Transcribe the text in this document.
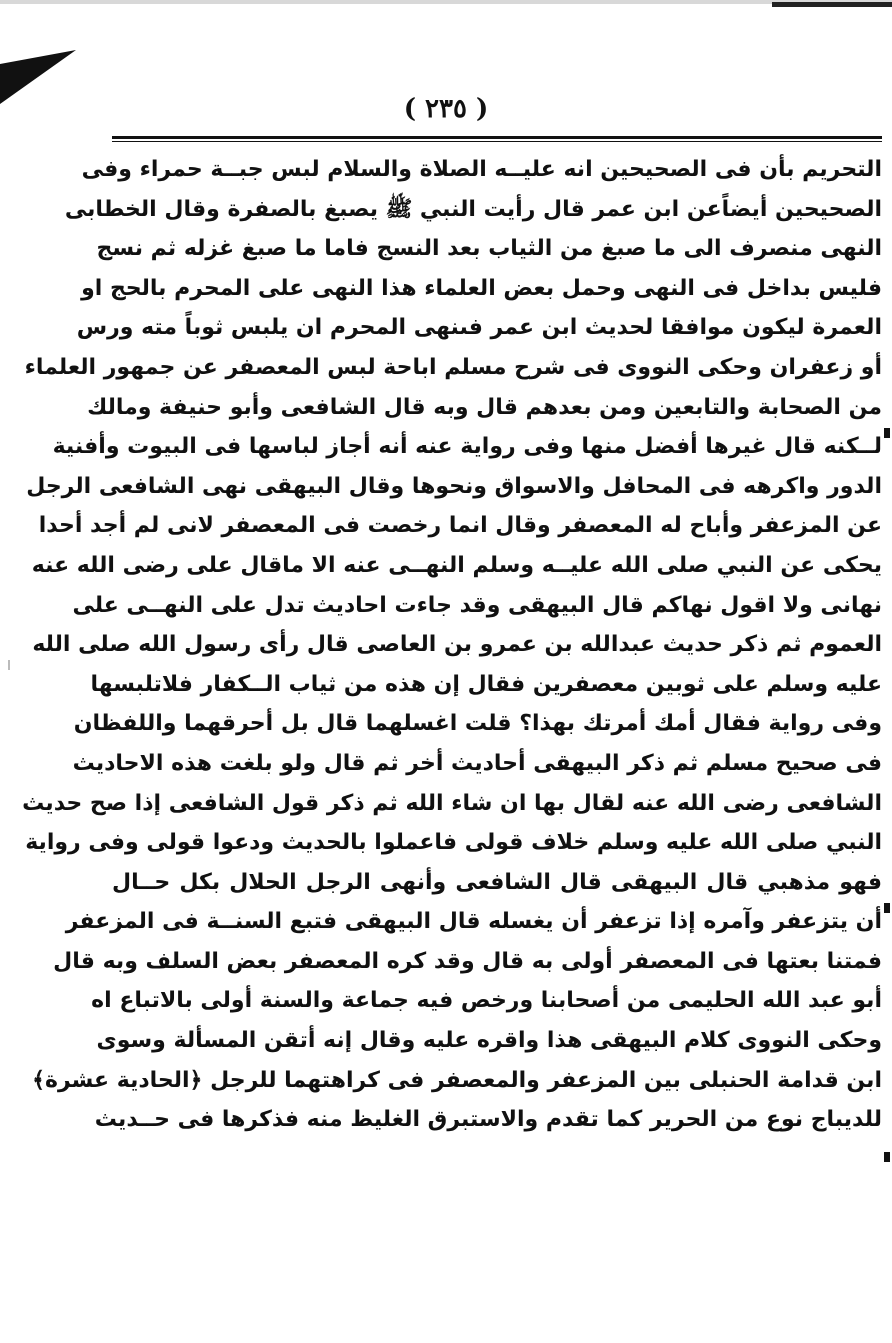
( ٢٣٥ )
التحريم بأن فى الصحيحين انه عليــه الصلاة والسلام لبس جبــة حمراء وفى
الصحيحين أيضاًعن ابن عمر قال رأيت النبي ﷺ يصبغ بالصفرة وقال الخطابى
النهى منصرف الى ما صبغ من الثياب بعد النسج فاما ما صبغ غزله ثم نسج
فليس بداخل فى النهى وحمل بعض العلماء هذا النهى على المحرم بالحج او
العمرة ليكون موافقا لحديث ابن عمر فىنهى المحرم ان يلبس ثوباً مته ورس
أو زعفران وحكى النووى فى شرح مسلم اباحة لبس المعصفر عن جمهور العلماء
من الصحابة والتابعين ومن بعدهم قال وبه قال الشافعى وأبو حنيفة ومالك
لــكنه قال غيرها أفضل منها وفى رواية عنه أنه أجاز لباسها فى البيوت وأفنية
الدور واكرهه فى المحافل والاسواق ونحوها وقال البيهقى نهى الشافعى الرجل
عن المزعفر وأباح له المعصفر وقال انما رخصت فى المعصفر لانى لم أجد أحدا
يحكى عن النبي صلى الله عليــه وسلم النهــى عنه الا ماقال على رضى الله عنه
نهانى ولا اقول نهاكم قال البيهقى وقد جاءت احاديث تدل على النهــى على
العموم ثم ذكر حديث عبدالله بن عمرو بن العاصى قال رأى رسول الله صلى الله
عليه وسلم على ثوبين معصفرين فقال إن هذه من ثياب الــكفار فلاتلبسها
وفى رواية فقال أمك أمرتك بهذا؟ قلت اغسلهما قال بل أحرقهما واللفظان
فى صحيح مسلم ثم ذكر البيهقى أحاديث أخر ثم قال ولو بلغت هذه الاحاديث
الشافعى رضى الله عنه لقال بها ان شاء الله ثم ذكر قول الشافعى إذا صح حديث
النبي صلى الله عليه وسلم خلاف قولى فاعملوا بالحديث ودعوا قولى وفى رواية
فهو مذهبي قال البيهقى قال الشافعى وأنهى الرجل الحلال بكل حــال
أن يتزعفر وآمره إذا تزعفر أن يغسله قال البيهقى فتبع السنــة فى المزعفر
فمتنا بعتها فى المعصفر أولى به قال وقد كره المعصفر بعض السلف وبه قال
أبو عبد الله الحليمى من أصحابنا ورخص فيه جماعة والسنة أولى بالاتباع اه
وحكى النووى كلام البيهقى هذا واقره عليه وقال إنه أتقن المسألة وسوى
ابن قدامة الحنبلى بين المزعفر والمعصفر فى كراهتهما للرجل ﴿الحادية عشرة﴾
للديباج نوع من الحرير كما تقدم والاستبرق الغليظ منه فذكرها فى حــديث
